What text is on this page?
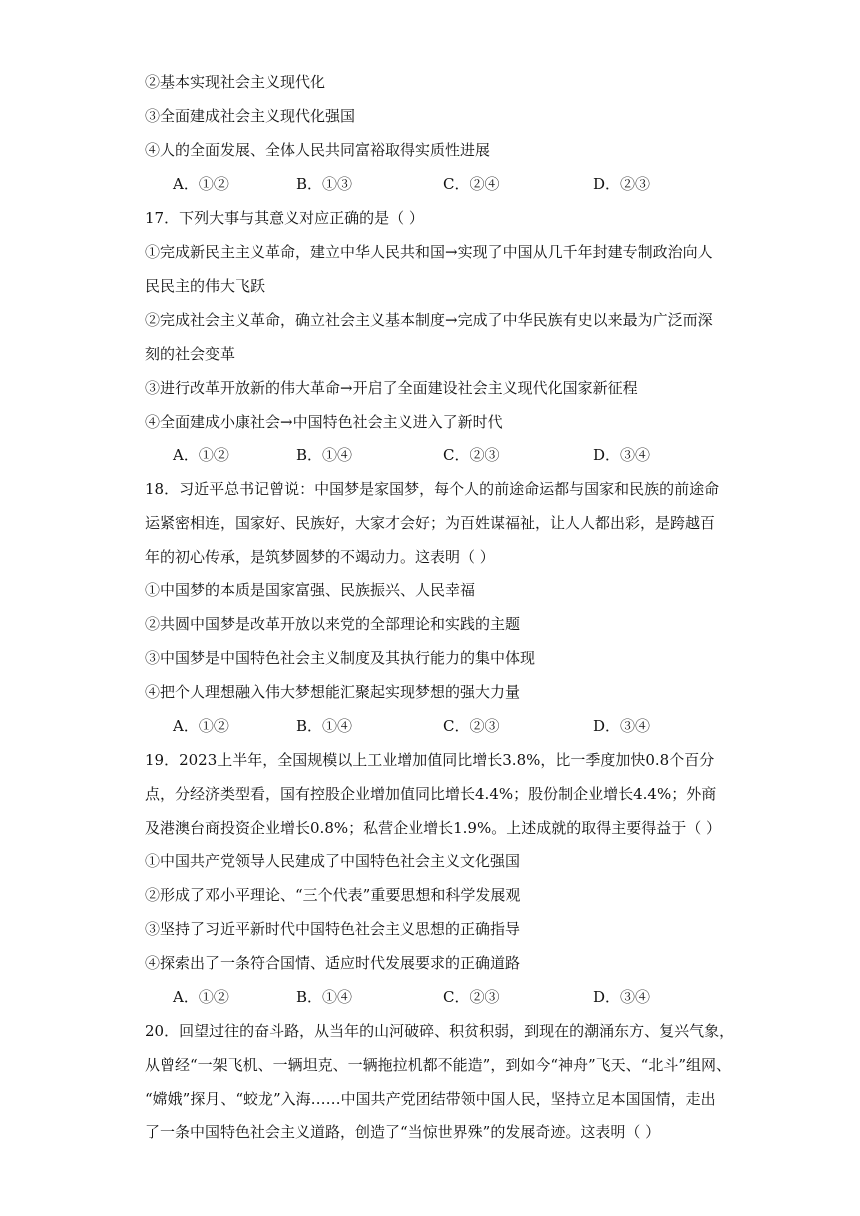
②基本实现社会主义现代化
③全面建成社会主义现代化强国
④人的全面发展、全体人民共同富裕取得实质性进展
A．①②	B．①③	C．②④	D．②③
17．下列大事与其意义对应正确的是（ ）
①完成新民主主义革命，建立中华人民共和国→实现了中国从几千年封建专制政治向人
民民主的伟大飞跃
②完成社会主义革命，确立社会主义基本制度→完成了中华民族有史以来最为广泛而深
刻的社会变革
③进行改革开放新的伟大革命→开启了全面建设社会主义现代化国家新征程
④全面建成小康社会→中国特色社会主义进入了新时代
A．①②	B．①④	C．②③	D．③④
18．习近平总书记曾说：中国梦是家国梦，每个人的前途命运都与国家和民族的前途命
运紧密相连，国家好、民族好，大家才会好；为百姓谋福祉，让人人都出彩，是跨越百
年的初心传承，是筑梦圆梦的不竭动力。这表明（ ）
①中国梦的本质是国家富强、民族振兴、人民幸福
②共圆中国梦是改革开放以来党的全部理论和实践的主题
③中国梦是中国特色社会主义制度及其执行能力的集中体现
④把个人理想融入伟大梦想能汇聚起实现梦想的强大力量
A．①②	B．①④	C．②③	D．③④
19．2023上半年，全国规模以上工业增加值同比增长3.8%，比一季度加快0.8个百分
点，分经济类型看，国有控股企业增加值同比增长4.4%；股份制企业增长4.4%；外商
及港澳台商投资企业增长0.8%；私营企业增长1.9%。上述成就的取得主要得益于（ ）
①中国共产党领导人民建成了中国特色社会主义文化强国
②形成了邓小平理论、“三个代表”重要思想和科学发展观
③坚持了习近平新时代中国特色社会主义思想的正确指导
④探索出了一条符合国情、适应时代发展要求的正确道路
A．①②	B．①④	C．②③	D．③④
20．回望过往的奋斗路，从当年的山河破碎、积贫积弱，到现在的潮涌东方、复兴气象，
从曾经“一架飞机、一辆坦克、一辆拖拉机都不能造”，到如今“神舟”飞天、“北斗”组网、
“嫦娥”探月、“蛟龙”入海……中国共产党团结带领中国人民，坚持立足本国国情，走出
了一条中国特色社会主义道路，创造了“当惊世界殊”的发展奇迹。这表明（ ）
